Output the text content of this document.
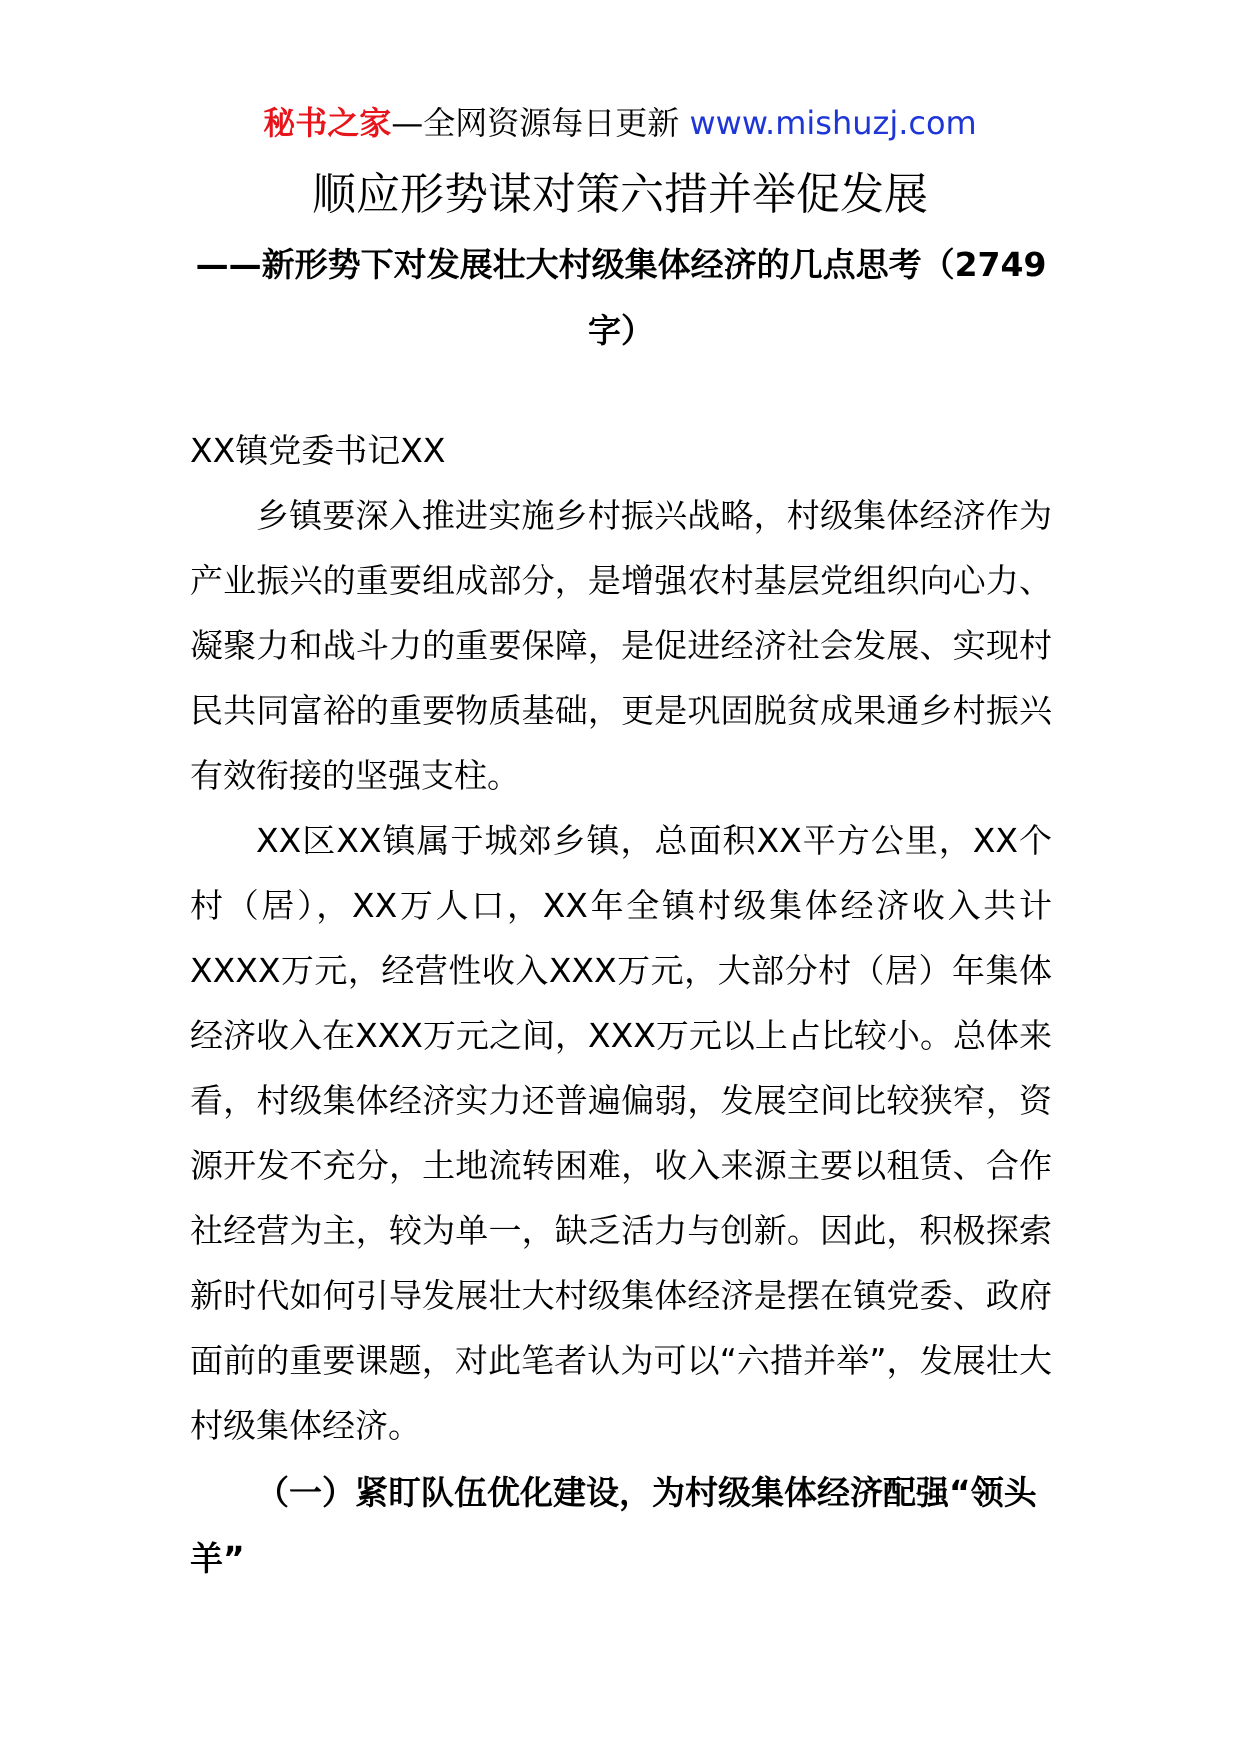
秘书之家—全网资源每日更新 www.mishuzj.com
顺应形势谋对策六措并举促发展
——新形势下对发展壮大村级集体经济的几点思考（2749字）

XX镇党委书记XX

乡镇要深入推进实施乡村振兴战略，村级集体经济作为产业振兴的重要组成部分，是增强农村基层党组织向心力、凝聚力和战斗力的重要保障，是促进经济社会发展、实现村民共同富裕的重要物质基础，更是巩固脱贫成果通乡村振兴有效衔接的坚强支柱。

XX区XX镇属于城郊乡镇，总面积XX平方公里，XX个村（居），XX万人口，XX年全镇村级集体经济收入共计XXXX万元，经营性收入XXX万元，大部分村（居）年集体经济收入在XXX万元之间，XXX万元以上占比较小。总体来看，村级集体经济实力还普遍偏弱，发展空间比较狭窄，资源开发不充分，土地流转困难，收入来源主要以租赁、合作社经营为主，较为单一，缺乏活力与创新。因此，积极探索新时代如何引导发展壮大村级集体经济是摆在镇党委、政府面前的重要课题，对此笔者认为可以“六措并举”，发展壮大村级集体经济。

（一）紧盯队伍优化建设，为村级集体经济配强“领头羊”
